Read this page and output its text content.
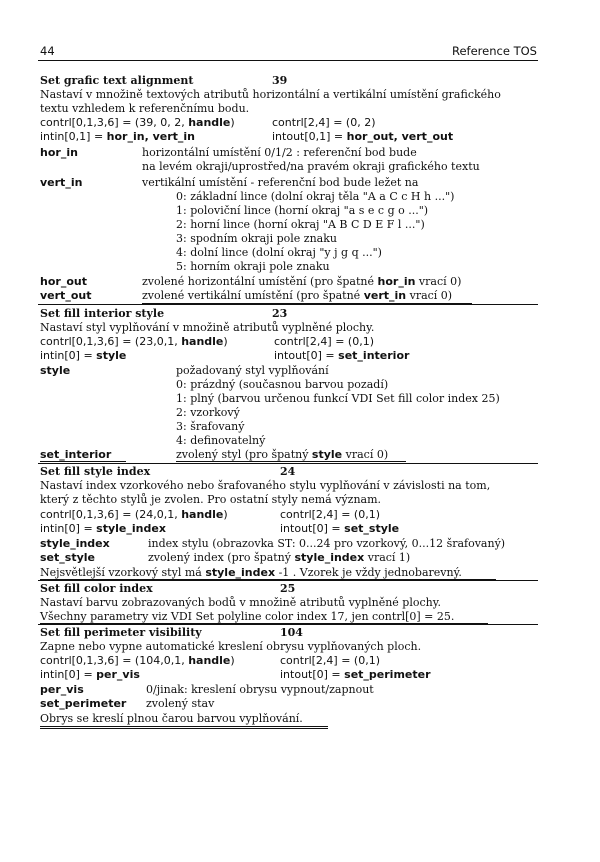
44	Reference TOS
Set grafic text alignment	39
Nastaví v množině textových atributů horizontální a vertikální umístění grafického
textu vzhledem k referenčnímu bodu.
contrl[0,1,3,6] = (39, 0, 2, handle)	contrl[2,4] = (0, 2)
intin[0,1] = hor_in, vert_in	intout[0,1] = hor_out, vert_out
hor_in	horizontální umístění 0/1/2 : referenční bod bude
na levém okraji/uprostřed/na pravém okraji grafického textu
vert_in	vertikální umístění - referenční bod bude ležet na
0: základní lince (dolní okraj těla "A a C c H h ...")
1: poloviční lince (horní okraj "a s e c g o ...")
2: horní lince (horní okraj "A B C D E F l ...")
3: spodním okraji pole znaku
4: dolní lince (dolní okraj "y j g q ...")
5: horním okraji pole znaku
hor_out	zvolené horizontální umístění (pro špatné hor_in vrací 0)
vert_out	zvolené vertikální umístění (pro špatné vert_in vrací 0)
Set fill interior style	23
Nastaví styl vyplňování v množině atributů vyplněné plochy.
contrl[0,1,3,6] = (23,0,1, handle)	contrl[2,4] = (0,1)
intin[0] = style	intout[0] = set_interior
style	požadovaný styl vyplňování
0: prázdný (současnou barvou pozadí)
1: plný (barvou určenou funkcí VDI Set fill color index 25)
2: vzorkový
3: šrafovaný
4: definovatelný
set_interior	zvolený styl (pro špatný style vrací 0)
Set fill style index	24
Nastaví index vzorkového nebo šrafovaného stylu vyplňování v závislosti na tom,
který z těchto stylů je zvolen. Pro ostatní styly nemá význam.
contrl[0,1,3,6] = (24,0,1, handle)	contrl[2,4] = (0,1)
intin[0] = style_index	intout[0] = set_style
style_index	index stylu (obrazovka ST: 0...24 pro vzorkový, 0...12 šrafovaný)
set_style	zvolený index (pro špatný style_index vrací 1)
Nejsvětlejší vzorkový styl má style_index -1 . Vzorek je vždy jednobarevný.
Set fill color index	25
Nastaví barvu zobrazovaných bodů v množině atributů vyplněné plochy.
Všechny parametry viz VDI Set polyline color index 17, jen contrl[0] = 25.
Set fill perimeter visibility	104
Zapne nebo vypne automatické kreslení obrysu vyplňovaných ploch.
contrl[0,1,3,6] = (104,0,1, handle)	contrl[2,4] = (0,1)
intin[0] = per_vis	intout[0] = set_perimeter
per_vis	0/jinak: kreslení obrysu vypnout/zapnout
set_perimeter zvolený stav
Obrys se kreslí plnou čarou barvou vyplňování.
